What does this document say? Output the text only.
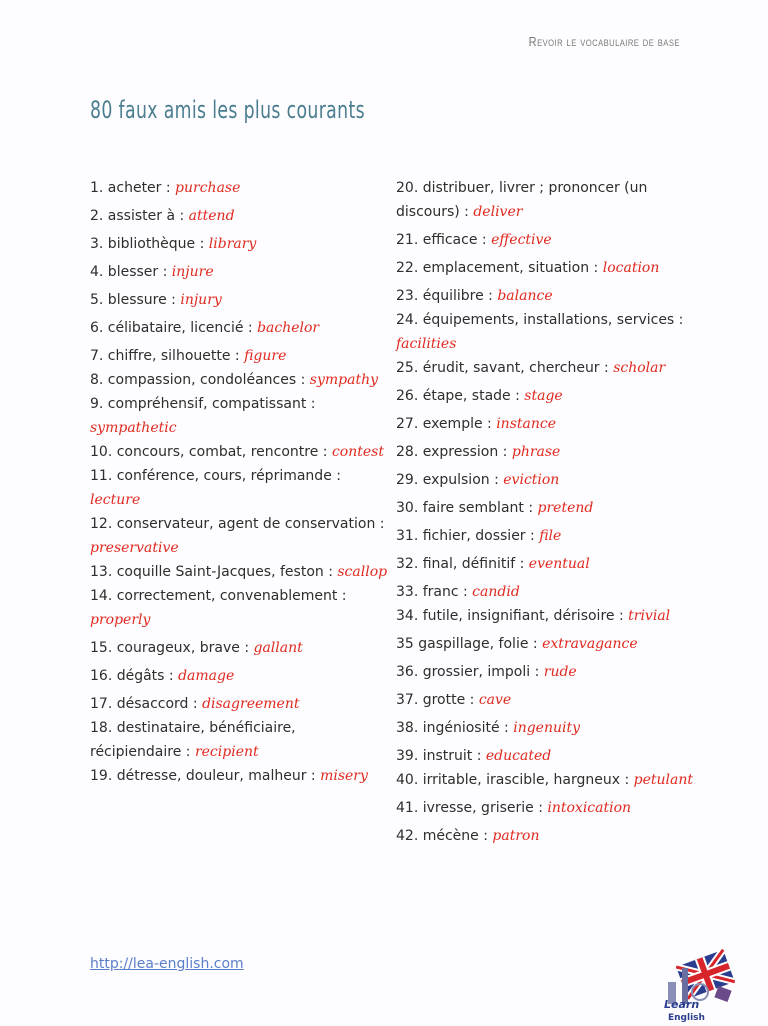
Revoir le vocabulaire de base
80 faux amis les plus courants

1. acheter : purchase

2. assister à : attend

3. bibliothèque : library

4. blesser : injure

5. blessure : injury

6. célibataire, licencié : bachelor

7. chiffre, silhouette : figure

8. compassion, condoléances : sympathy

9. compréhensif, compatissant : sympathetic

10. concours, combat, rencontre : contest

11. conférence, cours, réprimande : lecture

12. conservateur, agent de conservation : preservative

13. coquille Saint-Jacques, feston : scallop

14. correctement, convenablement : properly

15. courageux, brave : gallant

16. dégâts : damage

17. désaccord : disagreement

18. destinataire, bénéficiaire, récipiendaire : recipient

19. détresse, douleur, malheur : misery

20. distribuer, livrer ; prononcer (un discours) : deliver

21. efficace : effective

22. emplacement, situation : location

23. équilibre : balance

24. équipements, installations, services : facilities

25. érudit, savant, chercheur : scholar

26. étape, stade : stage

27. exemple : instance

28. expression : phrase

29. expulsion : eviction

30. faire semblant : pretend

31. fichier, dossier : file

32. final, définitif : eventual

33. franc : candid

34. futile, insignifiant, dérisoire : trivial

35 gaspillage, folie : extravagance

36. grossier, impoli : rude

37. grotte : cave

38. ingéniosité : ingenuity

39. instruit : educated

40. irritable, irascible, hargneux : petulant

41. ivresse, griserie : intoxication

42. mécène : patron

http://lea-english.com
Learn
English
